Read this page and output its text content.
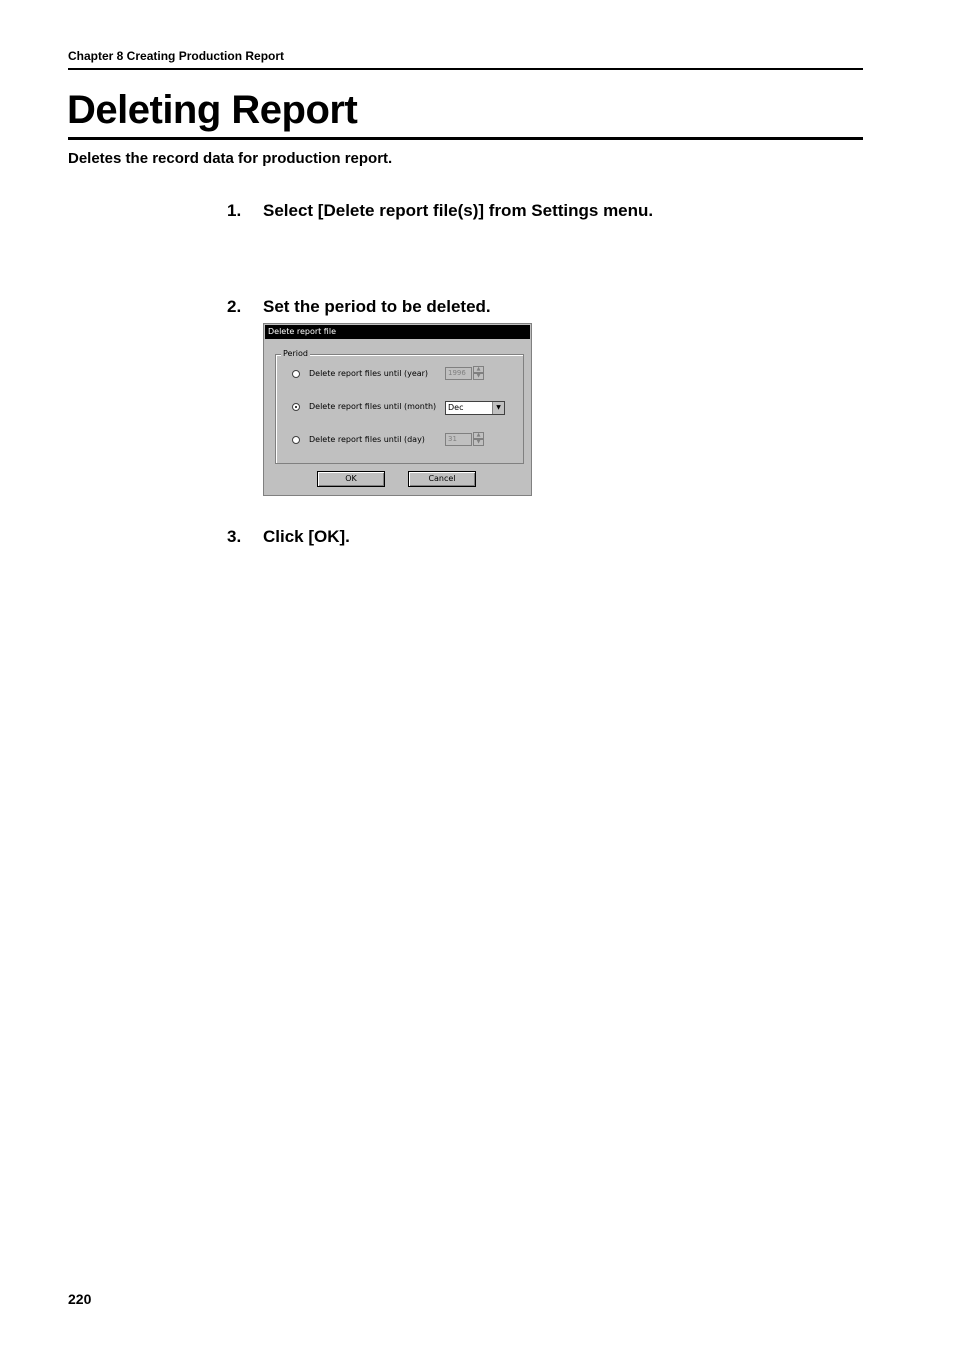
Chapter 8 Creating Production Report
Deleting Report
Deletes the record data for production report.
1. Select [Delete report file(s)] from Settings menu.
2. Set the period to be deleted.
Delete report file
Period
Delete report files until (year)	1996	▲
▼
Delete report files until (month)	Dec	▼
Delete report files until (day)	31	▲
▼
OK	Cancel
3. Click [OK].
220
